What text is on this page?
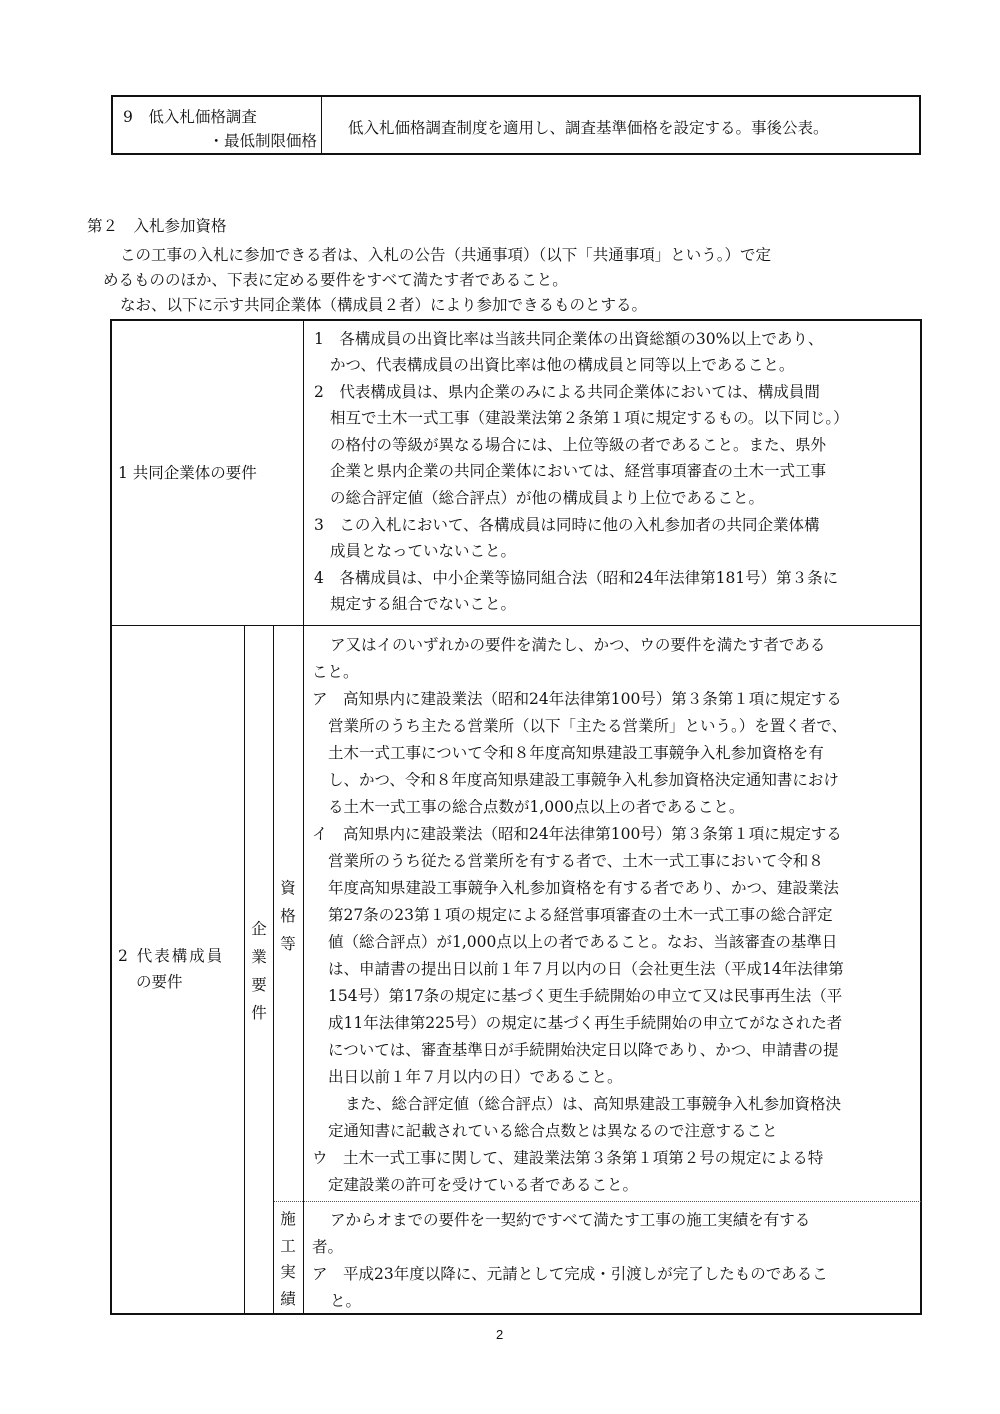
9　低入札価格調査
・最低制限価格
低入札価格調査制度を適用し、調査基準価格を設定する。事後公表。
第２　入札参加資格
この工事の入札に参加できる者は、入札の公告（共通事項）（以下「共通事項」という。）で定
めるもののほか、下表に定める要件をすべて満たす者であること。
なお、以下に示す共同企業体（構成員２者）により参加できるものとする。
1 共同企業体の要件
1　各構成員の出資比率は当該共同企業体の出資総額の30%以上であり、
かつ、代表構成員の出資比率は他の構成員と同等以上であること。
2　代表構成員は、県内企業のみによる共同企業体においては、構成員間
相互で土木一式工事（建設業法第２条第１項に規定するもの。以下同じ。）
の格付の等級が異なる場合には、上位等級の者であること。また、県外
企業と県内企業の共同企業体においては、経営事項審査の土木一式工事
の総合評定値（総合評点）が他の構成員より上位であること。
3　この入札において、各構成員は同時に他の入札参加者の共同企業体構
成員となっていないこと。
4　各構成員は、中小企業等協同組合法（昭和24年法律第181号）第３条に
規定する組合でないこと。
2 代表構成員
の要件
企
業
要
件
資
格
等
ア又はイのいずれかの要件を満たし、かつ、ウの要件を満たす者である
こと。
ア　高知県内に建設業法（昭和24年法律第100号）第３条第１項に規定する
営業所のうち主たる営業所（以下「主たる営業所」という。）を置く者で、
土木一式工事について令和８年度高知県建設工事競争入札参加資格を有
し、かつ、令和８年度高知県建設工事競争入札参加資格決定通知書におけ
る土木一式工事の総合点数が1,000点以上の者であること。
イ　高知県内に建設業法（昭和24年法律第100号）第３条第１項に規定する
営業所のうち従たる営業所を有する者で、土木一式工事において令和８
年度高知県建設工事競争入札参加資格を有する者であり、かつ、建設業法
第27条の23第１項の規定による経営事項審査の土木一式工事の総合評定
値（総合評点）が1,000点以上の者であること。なお、当該審査の基準日
は、申請書の提出日以前１年７月以内の日（会社更生法（平成14年法律第
154号）第17条の規定に基づく更生手続開始の申立て又は民事再生法（平
成11年法律第225号）の規定に基づく再生手続開始の申立てがなされた者
については、審査基準日が手続開始決定日以降であり、かつ、申請書の提
出日以前１年７月以内の日）であること。
また、総合評定値（総合評点）は、高知県建設工事競争入札参加資格決
定通知書に記載されている総合点数とは異なるので注意すること
ウ　土木一式工事に関して、建設業法第３条第１項第２号の規定による特
定建設業の許可を受けている者であること。
施
工
実
績
アからオまでの要件を一契約ですべて満たす工事の施工実績を有する
者。
ア　平成23年度以降に、元請として完成・引渡しが完了したものであるこ
と。
2
